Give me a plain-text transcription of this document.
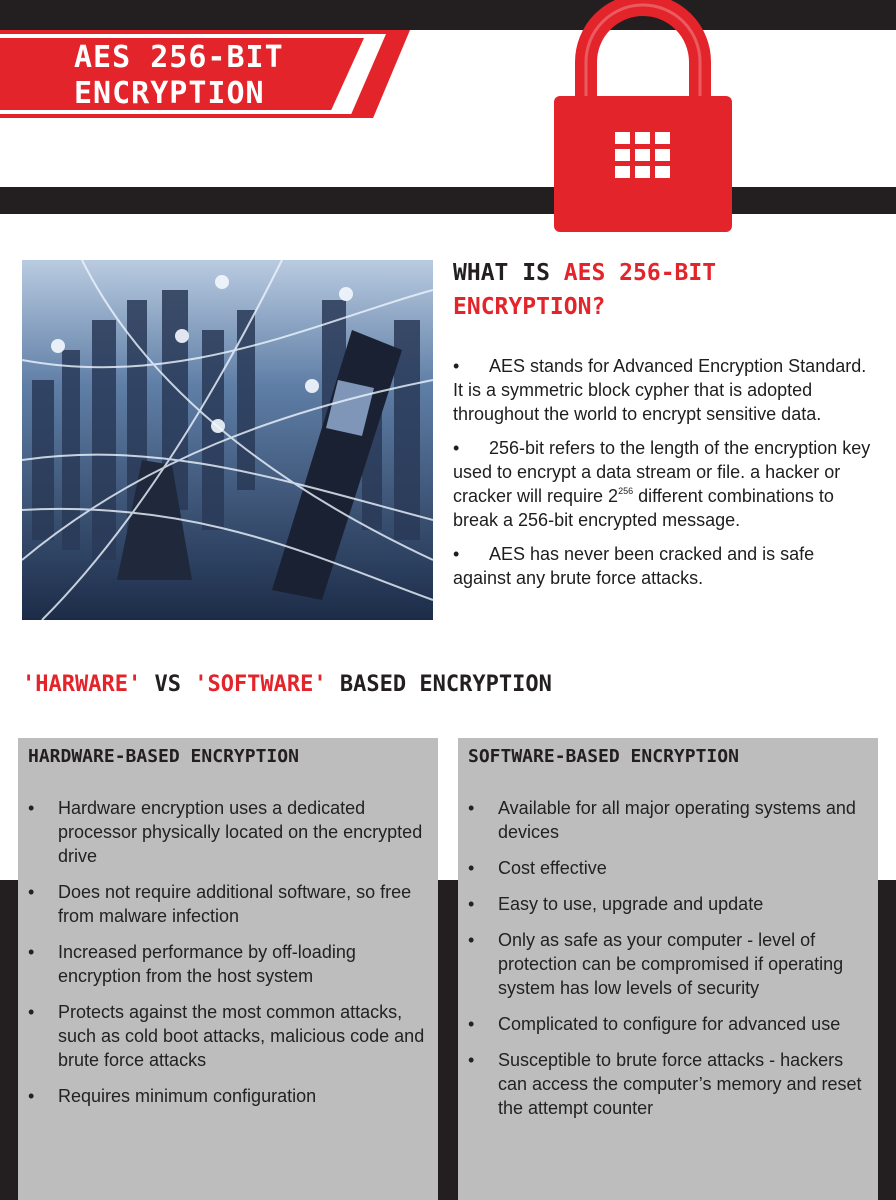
AES 256-BIT
ENCRYPTION
WHAT IS AES 256-BIT
ENCRYPTION?
• AES stands for Advanced Encryption Standard. It is a symmetric block cypher that is adopted throughout the world to encrypt sensitive data.
• 256-bit refers to the length of the encryption key used to encrypt a data stream or file. a hacker or cracker will require $2^{256}$ different combinations to break a 256-bit encrypted message.
• AES has never been cracked and is safe against any brute force attacks.
'HARWARE' VS 'SOFTWARE' BASED ENCRYPTION
HARDWARE-BASED ENCRYPTION
• Hardware encryption uses a dedicated processor physically located on the encrypted drive
• Does not require additional software, so free from malware infection
• Increased performance by off-loading encryption from the host system
• Protects against the most common attacks, such as cold boot attacks, malicious code and brute force attacks
• Requires minimum configuration
SOFTWARE-BASED ENCRYPTION
• Available for all major operating systems and devices
• Cost effective
• Easy to use, upgrade and update
• Only as safe as your computer - level of protection can be compromised if operating system has low levels of security
• Complicated to configure for advanced use
• Susceptible to brute force attacks - hackers can access the computer’s memory and reset the attempt counter
